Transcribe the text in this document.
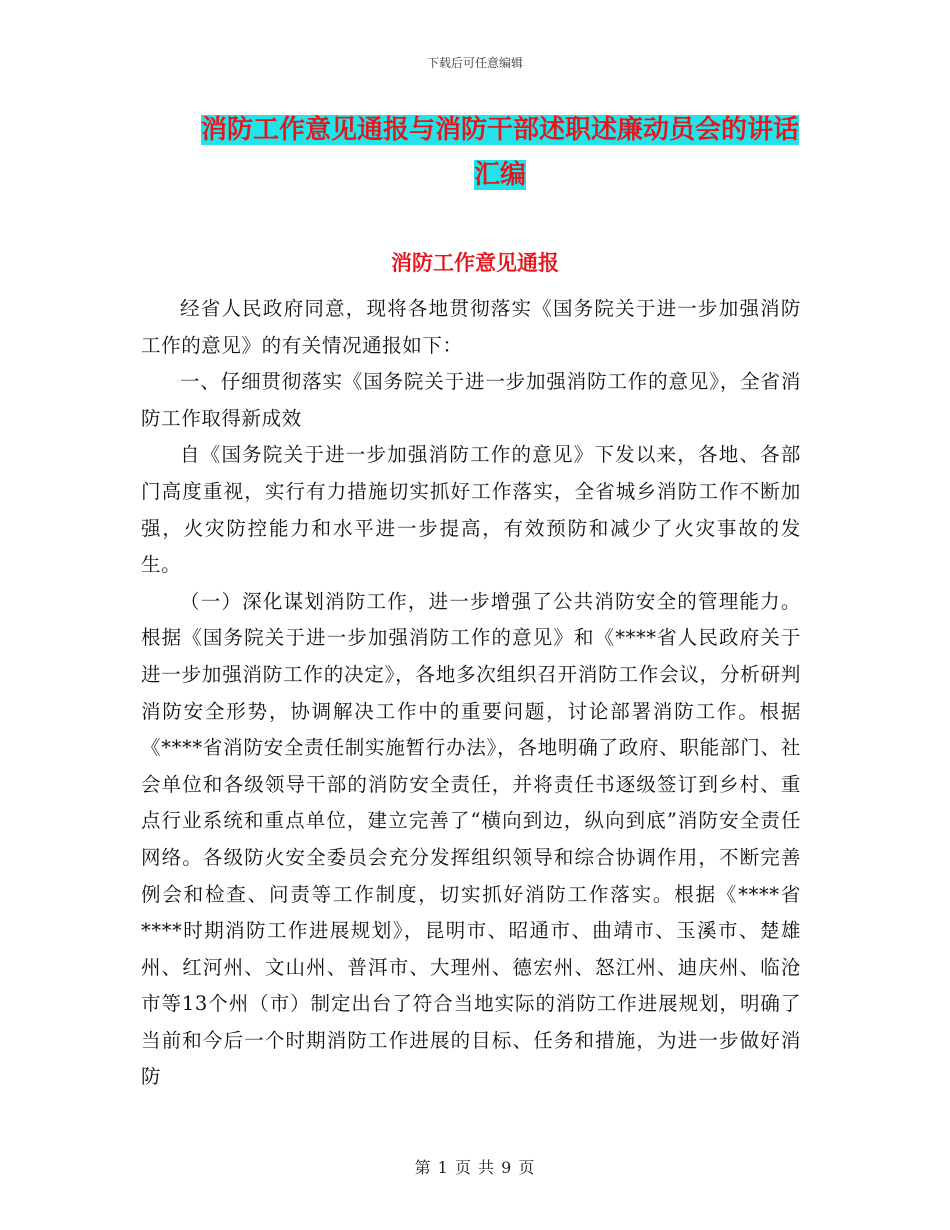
下载后可任意编辑
消防工作意见通报与消防干部述职述廉动员会的讲话
汇编
消防工作意见通报

经省人民政府同意，现将各地贯彻落实《国务院关于进一步加强消防工作的意见》的有关情况通报如下：

一、仔细贯彻落实《国务院关于进一步加强消防工作的意见》，全省消防工作取得新成效

自《国务院关于进一步加强消防工作的意见》下发以来，各地、各部门高度重视，实行有力措施切实抓好工作落实，全省城乡消防工作不断加强，火灾防控能力和水平进一步提高，有效预防和减少了火灾事故的发生。

（一）深化谋划消防工作，进一步增强了公共消防安全的管理能力。根据《国务院关于进一步加强消防工作的意见》和《****省人民政府关于进一步加强消防工作的决定》，各地多次组织召开消防工作会议，分析研判消防安全形势，协调解决工作中的重要问题，讨论部署消防工作。根据《****省消防安全责任制实施暂行办法》，各地明确了政府、职能部门、社会单位和各级领导干部的消防安全责任，并将责任书逐级签订到乡村、重点行业系统和重点单位，建立完善了“横向到边，纵向到底”消防安全责任网络。各级防火安全委员会充分发挥组织领导和综合协调作用，不断完善例会和检查、问责等工作制度，切实抓好消防工作落实。根据《****省****时期消防工作进展规划》，昆明市、昭通市、曲靖市、玉溪市、楚雄州、红河州、文山州、普洱市、大理州、德宏州、怒江州、迪庆州、临沧市等13个州（市）制定出台了符合当地实际的消防工作进展规划，明确了当前和今后一个时期消防工作进展的目标、任务和措施，为进一步做好消防

第 1 页 共 9 页
